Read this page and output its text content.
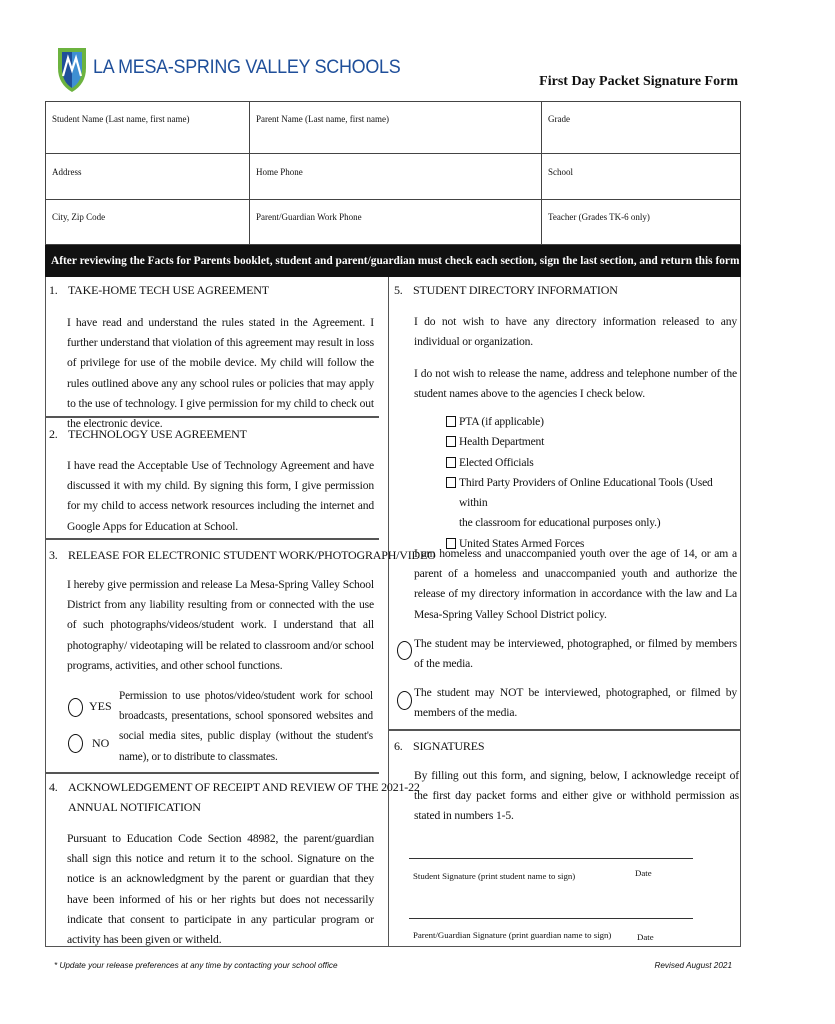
LA MESA-SPRING VALLEY SCHOOLS
First Day Packet Signature Form
Student Name (Last name, first name)	Parent Name (Last name, first name)	Grade
Address	Home Phone	School
City, Zip Code	Parent/Guardian Work Phone	Teacher (Grades TK-6 only)
After reviewing the Facts for Parents booklet, student and parent/guardian must check each section, sign the last section, and return this form to the school office.
1. TAKE-HOME TECH USE AGREEMENT
I have read and understand the rules stated in the Agreement. I further understand that violation of this agreement may result in loss of privilege for use of the mobile device. My child will follow the rules outlined above any any school rules or policies that may apply to the use of technology. I give permission for my child to check out the electronic device.
2. TECHNOLOGY USE AGREEMENT
I have read the Acceptable Use of Technology Agreement and have discussed it with my child. By signing this form, I give permission for my child to access network resources including the internet and Google Apps for Education at School.
3. RELEASE FOR ELECTRONIC STUDENT WORK/PHOTOGRAPH/VIDEO
I hereby give permission and release La Mesa-Spring Valley School District from any liability resulting from or connected with the use of such photographs/videos/student work. I understand that all photography/ videotaping will be related to classroom and/or school programs, activities, and other school functions.
YES
NO
Permission to use photos/video/student work for school broadcasts, presentations, school sponsored websites and social media sites, public display (without the student's name), or to distribute to classmates.
4. ACKNOWLEDGEMENT OF RECEIPT AND REVIEW OF THE 2021-22
ANNUAL NOTIFICATION
Pursuant to Education Code Section 48982, the parent/guardian shall sign this notice and return it to the school. Signature on the notice is an acknowledgment by the parent or guardian that they have been informed of his or her rights but does not necessarily indicate that consent to participate in any particular program or activity has been given or witheld.
5. STUDENT DIRECTORY INFORMATION
I do not wish to have any directory information released to any individual or organization.
I do not wish to release the name, address and telephone number of the student names above to the agencies I check below.
PTA (if applicable)
Health Department
Elected Officials
Third Party Providers of Online Educational Tools (Used within
the classroom for educational purposes only.)
United States Armed Forces
I am homeless and unaccompanied youth over the age of 14, or am a parent of a homeless and unaccompanied youth and authorize the release of my directory information in accordance with the law and La Mesa-Spring Valley School District policy.
The student may be interviewed, photographed, or filmed by members of the media.
The student may NOT be interviewed, photographed, or filmed by members of the media.
6. SIGNATURES
By filling out this form, and signing, below, I acknowledge receipt of the first day packet forms and either give or withhold permission as stated in numbers 1-5.
Student Signature (print student name to sign)	Date
Parent/Guardian Signature (print guardian name to sign)	Date
* Update your release preferences at any time by contacting your school office	Revised August 2021
